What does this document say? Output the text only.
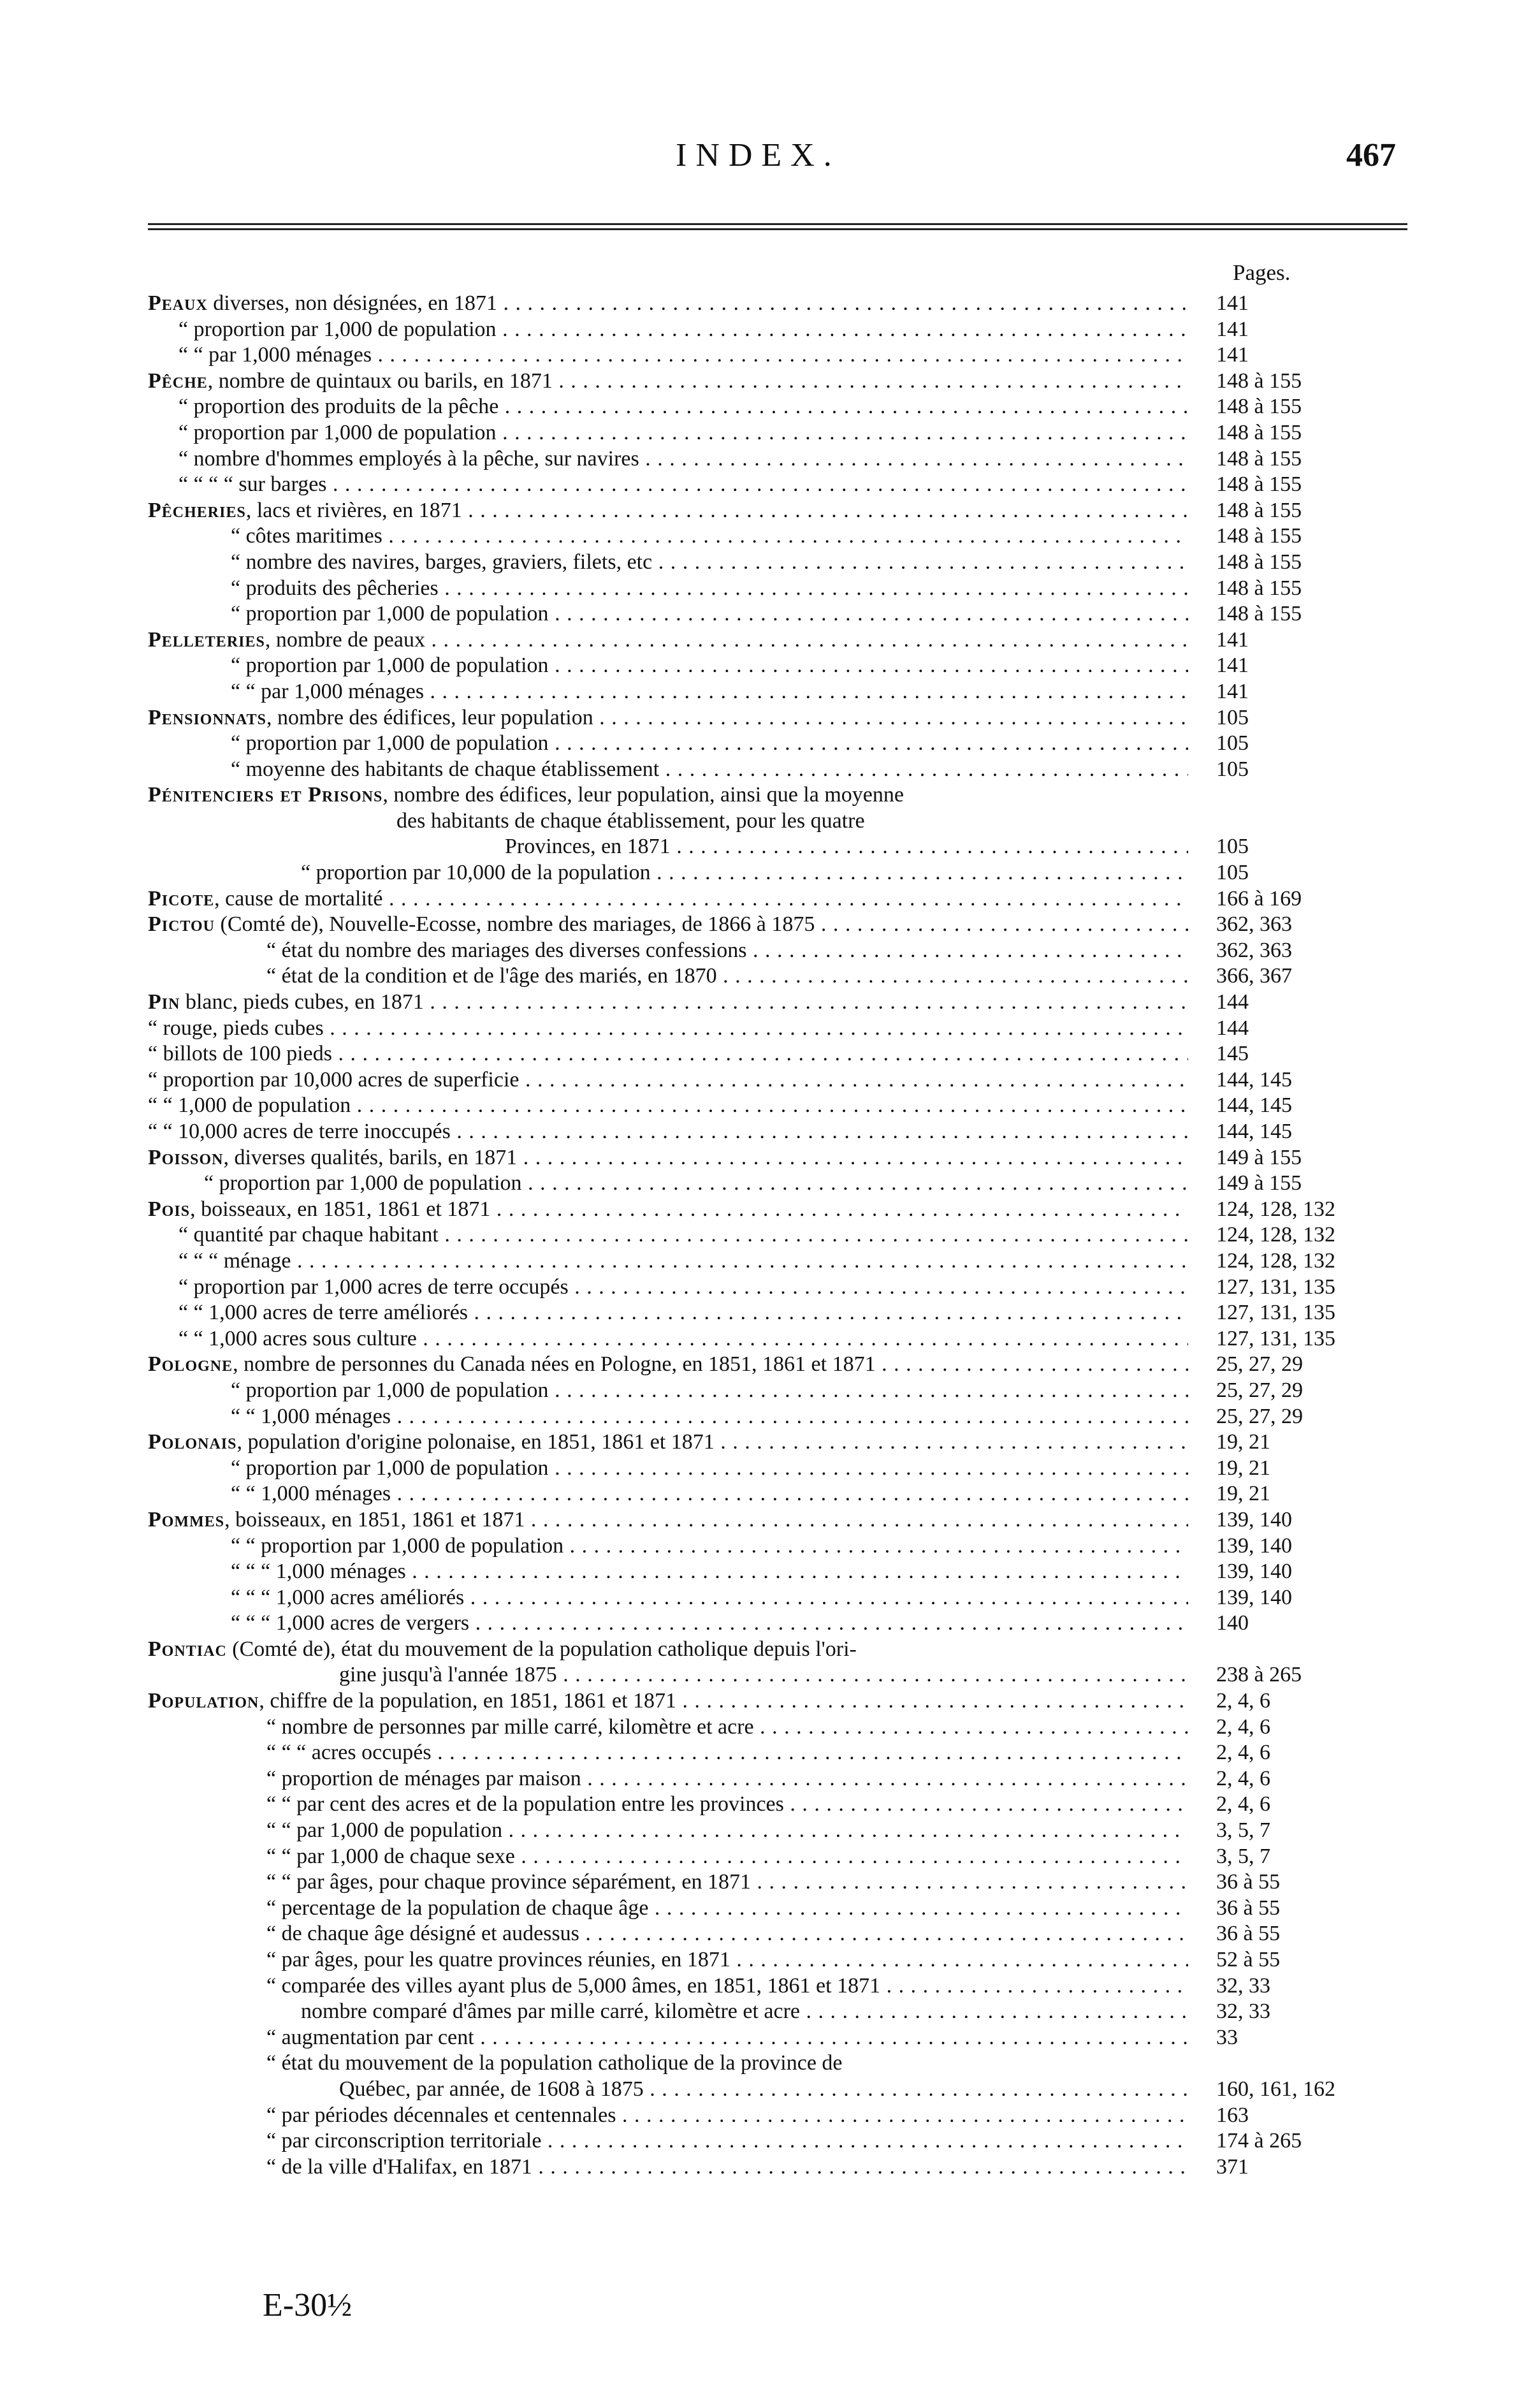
INDEX.	467
Pages.
Peaux diverses, non désignées, en 1871 . . .	141
“ proportion par 1,000 de population . . .	141
“ “ par 1,000 ménages . . .	141
Pêche, nombre de quintaux ou barils, en 1871 . . .	148 à 155
“ proportion des produits de la pêche . . .	148 à 155
“ proportion par 1,000 de population . . .	148 à 155
“ nombre d'hommes employés à la pêche, sur navires . . .	148 à 155
“ “ “ “ sur barges . . .	148 à 155
Pêcheries, lacs et rivières, en 1871 . . .	148 à 155
“ côtes maritimes . . .	148 à 155
“ nombre des navires, barges, graviers, filets, etc . . .	148 à 155
“ produits des pêcheries . . .	148 à 155
“ proportion par 1,000 de population . . .	148 à 155
Pelleteries, nombre de peaux . . .	141
“ proportion par 1,000 de population . . .	141
“ “ par 1,000 ménages . . .	141
Pensionnats, nombre des édifices, leur population . . .	105
“ proportion par 1,000 de population . . .	105
“ moyenne des habitants de chaque établissement . . .	105
Pénitenciers et Prisons, nombre des édifices, leur population, ainsi que la moyenne
des habitants de chaque établissement, pour les quatre
Provinces, en 1871 . . .	105
“ proportion par 10,000 de la population . . .	105
Picote, cause de mortalité . . .	166 à 169
Pictou (Comté de), Nouvelle-Ecosse, nombre des mariages, de 1866 à 1875 . . .	362, 363
“ état du nombre des mariages des diverses confessions . . .	362, 363
“ état de la condition et de l'âge des mariés, en 1870 . . .	366, 367
Pin blanc, pieds cubes, en 1871 . . .	144
“ rouge, pieds cubes . . .	144
“ billots de 100 pieds . . .	145
“ proportion par 10,000 acres de superficie . . .	144, 145
“ “ 1,000 de population . . .	144, 145
“ “ 10,000 acres de terre inoccupés . . .	144, 145
Poisson, diverses qualités, barils, en 1871 . . .	149 à 155
“ proportion par 1,000 de population . . .	149 à 155
Pois, boisseaux, en 1851, 1861 et 1871 . . .	124, 128, 132
“ quantité par chaque habitant . . .	124, 128, 132
“ “ “ ménage . . .	124, 128, 132
“ proportion par 1,000 acres de terre occupés . . .	127, 131, 135
“ “ 1,000 acres de terre améliorés . . .	127, 131, 135
“ “ 1,000 acres sous culture . . .	127, 131, 135
Pologne, nombre de personnes du Canada nées en Pologne, en 1851, 1861 et 1871 . . .	25, 27, 29
“ proportion par 1,000 de population . . .	25, 27, 29
“ “ 1,000 ménages . . .	25, 27, 29
Polonais, population d'origine polonaise, en 1851, 1861 et 1871 . . .	19, 21
“ proportion par 1,000 de population . . .	19, 21
“ “ 1,000 ménages . . .	19, 21
Pommes, boisseaux, en 1851, 1861 et 1871 . . .	139, 140
“ “ proportion par 1,000 de population . . .	139, 140
“ “ “ 1,000 ménages . . .	139, 140
“ “ “ 1,000 acres améliorés . . .	139, 140
“ “ “ 1,000 acres de vergers . . .	140
Pontiac (Comté de), état du mouvement de la population catholique depuis l'ori-
gine jusqu'à l'année 1875 . . .	238 à 265
Population, chiffre de la population, en 1851, 1861 et 1871 . . .	2, 4, 6
“ nombre de personnes par mille carré, kilomètre et acre . . .	2, 4, 6
“ “ “ acres occupés . . .	2, 4, 6
“ proportion de ménages par maison . . .	2, 4, 6
“ “ par cent des acres et de la population entre les provinces . . .	2, 4, 6
“ “ par 1,000 de population . . .	3, 5, 7
“ “ par 1,000 de chaque sexe . . .	3, 5, 7
“ “ par âges, pour chaque province séparément, en 1871 . . .	36 à 55
“ percentage de la population de chaque âge . . .	36 à 55
“ de chaque âge désigné et audessus . . .	36 à 55
“ par âges, pour les quatre provinces réunies, en 1871 . . .	52 à 55
“ comparée des villes ayant plus de 5,000 âmes, en 1851, 1861 et 1871 . . .	32, 33
nombre comparé d'âmes par mille carré, kilomètre et acre . . .	32, 33
“ augmentation par cent . . .	33
“ état du mouvement de la population catholique de la province de
Québec, par année, de 1608 à 1875 . . .	160, 161, 162
“ par périodes décennales et centennales . . .	163
“ par circonscription territoriale . . .	174 à 265
“ de la ville d'Halifax, en 1871 . . .	371
E-30½
